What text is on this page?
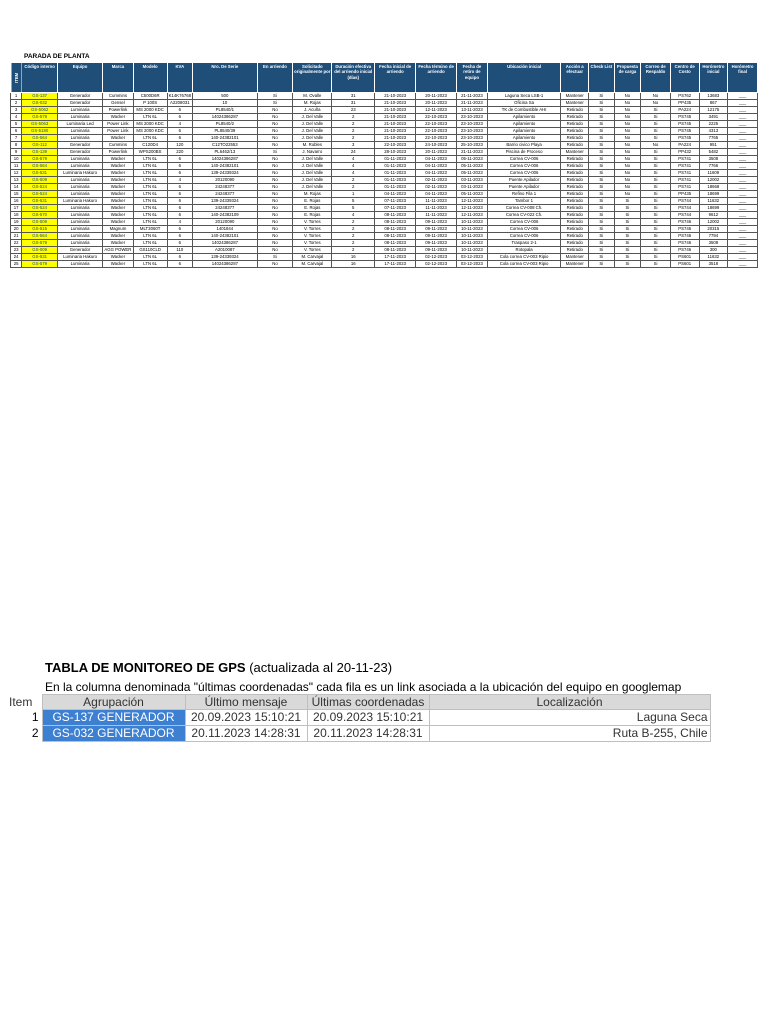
PARADA DE PLANTA
ITEM	Código interno	Equipo	Marca	Modelo	KVA	Nro. De Serie	En arriendo	Solicitado originalmente por	Duración efectiva del arriendo inicial (días)	Fecha inicial de arriendo	Fecha término de arriendo	Fecha de retiro de equipo	Ubicación inicial	Acción a efectuar	Check List	Propuesta de carga	Correo de Respaldo	Centro de Costo	Horómetro inicial	Horómetro final
1	GS-137	Generador	Cummins	C500D6R	K14K76768	500	Si	M. Ovalle	31	21-10-2023	20-11-2023	21-11-2023	Laguna Seca LSB-1	Mantener	Si	No	No	PS762	13683	___
2	GS-032	Generador	Gensel	P 100S	A2208031	10	Si	M. Rojas	31	21-10-2023	20-11-2023	21-11-2023	Oficina Sa	Mantener	Si	No	No	PP435	867	___
3	GS-5062	Luminaria	Powerlink	MS 2000 KDC	6	PL8540/1	No	J. Acuña	23	21-10-2023	12-11-2023	13-11-2023	TK de Combustible AHI	Retirado	Si	No	Si	PA224	12175	___
4	GS-579	Luminaria	Wacker	LTN 6L	6	14024386287	No	J. Del Valle	2	21-10-2023	22-10-2023	23-10-2023	Apilamiento	Retirado	Si	No	Si	PS745	3491	___
5	GS-5063	Luminaria Led	Power Link	MS 2000 KDC	4	PL8540/2	No	J. Del Valle	2	21-10-2023	22-10-2023	23-10-2023	Apilamiento	Retirado	Si	No	Si	PS745	2225	___
6	GS-5180	Luminaria	Power Link	MS 2000 KDC	6	PL8540/39	No	J. Del Valle	2	21-10-2023	22-10-2023	23-10-2023	Apilamiento	Retirado	Si	No	Si	PS745	4313	___
7	GS-564	Luminaria	Wacker	LTN 6L	6	140-24382101	No	J. Del Valle	2	21-10-2023	22-10-2023	23-10-2023	Apilamiento	Retirado	Si	No	Si	PS745	7765	___
8	GS-112	Generador	Cummins	C120D4	120	C12TO22553	No	M. Robles	3	22-10-2023	24-10-2023	25-10-2023	Barrio civico Playa	Retirado	Si	No	No	PA224	951	___
9	GS-139	Generador	Powerlink	WPS200BS	220	PL6462/13	Si	J. Navarro	24	28-10-2023	20-11-2023	21-11-2023	Piscina de Proceso	Mantener	Si	No	Si	PP432	5482	___
10	GS-579	Luminaria	Wacker	LTN 6L	6	14024386287	No	J. Del Valle	4	01-11-2023	04-11-2023	05-11-2023	Correa CV-006	Retirado	Si	No	Si	PS741	3508	___
11	GS-564	Luminaria	Wacker	LTN 6L	6	140-24382101	No	J. Del Valle	4	01-11-2023	04-11-2023	05-11-2023	Correa CV-006	Retirado	Si	No	Si	PS741	7766	___
12	GS-531	Luminaria Hakuro	Wacker	LTN 6L	6	139-24339324	No	J. Del Valle	4	01-11-2023	04-11-2023	05-11-2023	Correa CV-006	Retirado	Si	No	Si	PS741	11609	___
13	GS-509	Luminaria	Wacker	LTN 6L	4	20120090	No	J. Del Valle	2	01-11-2023	02-11-2023	03-11-2023	Puente Apilador	Retirado	Si	No	Si	PS741	12002	___
14	GS-524	Luminaria	Wacker	LTN 6L	6	24248377	No	J. Del Valle	2	01-11-2023	02-11-2023	03-11-2023	Puente Apilador	Retirado	Si	No	Si	PS741	18668	___
15	GS-524	Luminaria	Wacker	LTN 6L	6	24248377	No	M. Rojas	1	04-11-2023	04-11-2023	05-11-2023	Refino Fila 1	Retirado	Si	No	Si	PP435	18699	___
16	GS-531	Luminaria Hakuro	Wacker	LTN 6L	6	139-24339324	No	E. Rojas	5	07-11-2023	11-11-2023	12-11-2023	Tambor 1	Retirado	Si	Si	Si	PS744	11632	___
17	GS-524	Luminaria	Wacker	LTN 6L	6	24248377	No	E. Rojas	5	07-11-2023	11-11-2023	12-11-2023	Correa CV-008 Ch.	Retirado	Si	Si	Si	PS744	18699	___
18	GS-570	Luminaria	Wacker	LTN 6L	6	140-24382109	No	E. Rojas	4	08-11-2023	11-11-2023	12-11-2023	Correa CV-022 Ch.	Retirado	Si	Si	Si	PS744	9612	___
19	GS-509	Luminaria	Wacker	LTN 6L	4	20120090	No	V. Torres	2	08-11-2023	09-11-2023	10-11-2023	Correa CV-006	Retirado	Si	Si	Si	PS746	12002	___
20	GS-515	Luminaria	Magnum	MLT3060T	6	1401844	No	V. Torres	2	08-11-2023	09-11-2023	10-11-2023	Correa CV-006	Retirado	Si	Si	Si	PS746	20315	___
21	GS-564	Luminaria	Wacker	LTN 6L	6	140-24382101	No	V. Torres	2	08-11-2023	09-11-2023	10-11-2023	Correa CV-006	Retirado	Si	Si	Si	PS746	7794	___
22	GS-579	Luminaria	Wacker	LTN 6L	6	14024386287	No	V. Torres	2	08-11-2023	09-11-2023	10-11-2023	Traspaso 2-1	Retirado	Si	Si	Si	PS746	3508	___
23	GS-009	Generador	AGG POWER	GS110CLD	110	A2010087	No	V. Torres	2	08-11-2023	09-11-2023	10-11-2023	Rotopala	Retirado	Si	Si	Si	PS746	300	___
24	GS-531	Luminaria Hakuro	Wacker	LTN 6L	6	139-24339324	Si	M. Carvajal	16	17-11-2023	02-12-2023	03-12-2023	Cola correa CV-003 Ripio	Mantener	Si	Si	Si	PS601	11632	___
25	GS-579	Luminaria	Wacker	LTN 6L	6	14024386287	No	M. Carvajal	16	17-11-2023	02-12-2023	03-12-2023	Cola correa CV-003 Ripio	Mantener	Si	Si	Si	PS601	3518	___
TABLA DE MONITOREO DE GPS (actualizada al 20-11-23)
En la columna denominada "últimas coordenadas" cada fila es un link asociada a la ubicación del equipo en googlemap
Item	Agrupación	Último mensaje	Últimas coordenadas	Localización
1	GS-137 GENERADOR	20.09.2023 15:10:21	20.09.2023 15:10:21	Laguna Seca
2	GS-032 GENERADOR	20.11.2023 14:28:31	20.11.2023 14:28:31	Ruta B-255, Chile
